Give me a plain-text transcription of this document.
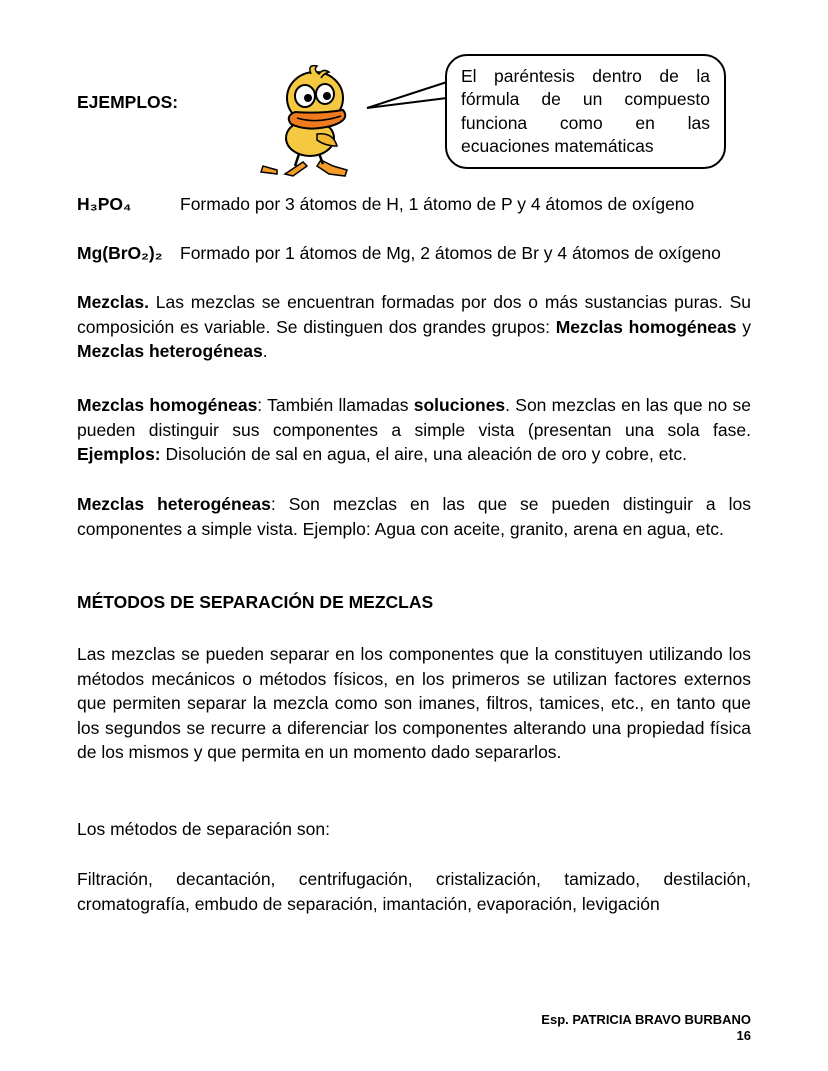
EJEMPLOS:
El paréntesis dentro de la
fórmula de un compuesto
funciona como en las
ecuaciones matemáticas
H₃PO₄	Formado por 3 átomos de H, 1 átomo de P y 4 átomos de oxígeno
Mg(BrO₂)₂ Formado por 1 átomos de Mg, 2 átomos de Br y 4 átomos de oxígeno
Mezclas. Las mezclas se encuentran formadas por dos o más sustancias puras. Su composición es variable. Se distinguen dos grandes grupos: Mezclas homogéneas y Mezclas heterogéneas.
Mezclas homogéneas: También llamadas soluciones. Son mezclas en las que no se pueden distinguir sus componentes a simple vista (presentan una sola fase. Ejemplos: Disolución de sal en agua, el aire, una aleación de oro y cobre, etc.
Mezclas heterogéneas: Son mezclas en las que se pueden distinguir a los componentes a simple vista. Ejemplo: Agua con aceite, granito, arena en agua, etc.
MÉTODOS DE SEPARACIÓN DE MEZCLAS
Las mezclas se pueden separar en los componentes que la constituyen utilizando los métodos mecánicos o métodos físicos, en los primeros se utilizan factores externos que permiten separar la mezcla como son imanes, filtros, tamices, etc., en tanto que los segundos se recurre a diferenciar los componentes alterando una propiedad física de los mismos y que permita en un momento dado separarlos.
Los métodos de separación son:
Filtración, decantación, centrifugación, cristalización, tamizado, destilación, cromatografía, embudo de separación, imantación, evaporación, levigación
Esp. PATRICIA BRAVO BURBANO
16
